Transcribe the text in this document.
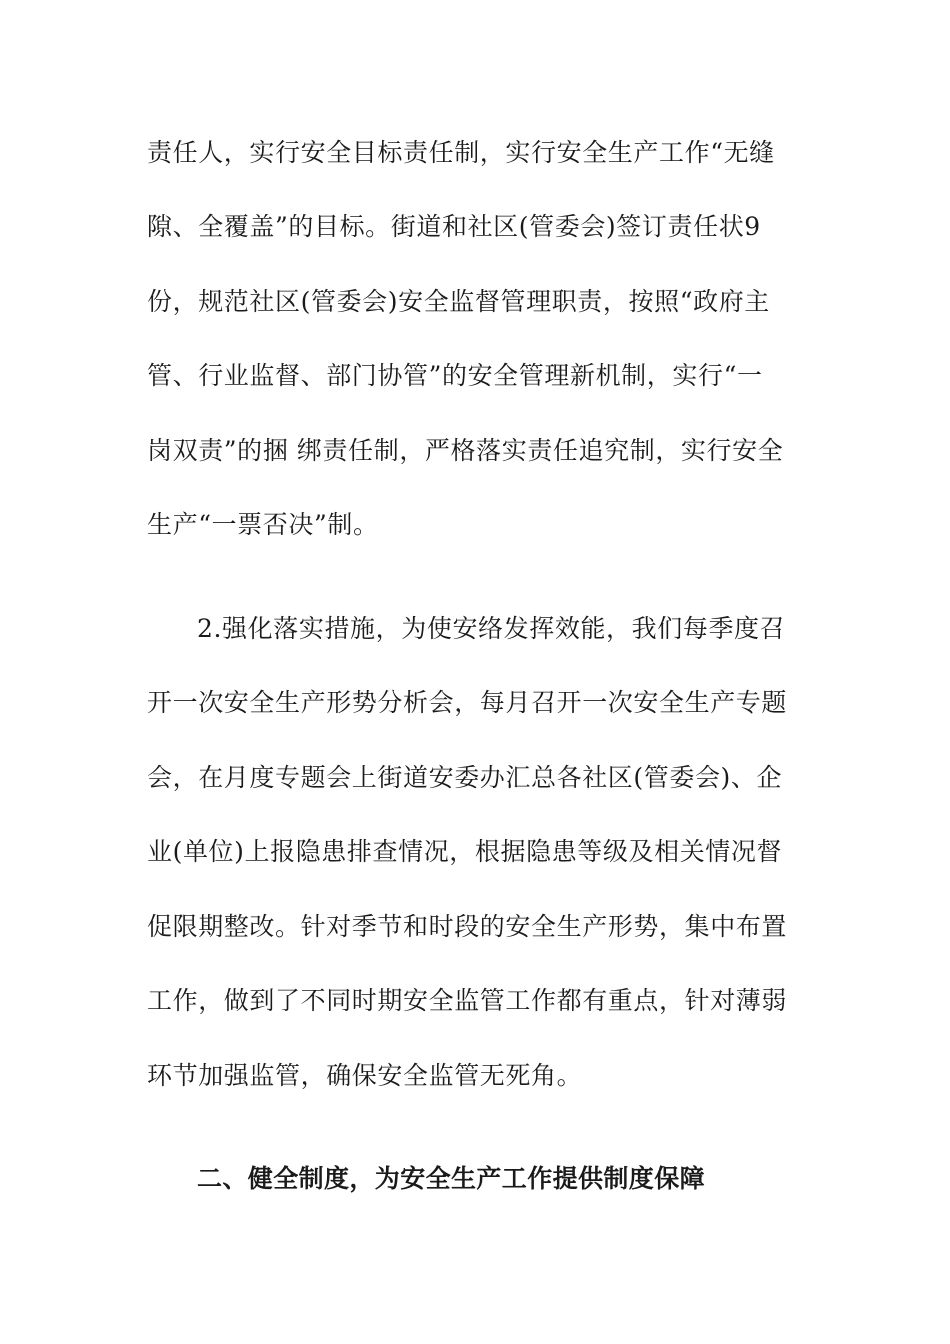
责任人，实行安全目标责任制，实行安全生产工作“无缝
隙、全覆盖”的目标。街道和社区(管委会)签订责任状9
份，规范社区(管委会)安全监督管理职责，按照“政府主
管、行业监督、部门协管”的安全管理新机制，实行“一
岗双责”的捆 绑责任制，严格落实责任追究制，实行安全
生产“一票否决”制。
2.强化落实措施，为使安络发挥效能，我们每季度召
开一次安全生产形势分析会，每月召开一次安全生产专题
会，在月度专题会上街道安委办汇总各社区(管委会)、企
业(单位)上报隐患排查情况，根据隐患等级及相关情况督
促限期整改。针对季节和时段的安全生产形势，集中布置
工作，做到了不同时期安全监管工作都有重点，针对薄弱
环节加强监管，确保安全监管无死角。
二、健全制度，为安全生产工作提供制度保障
